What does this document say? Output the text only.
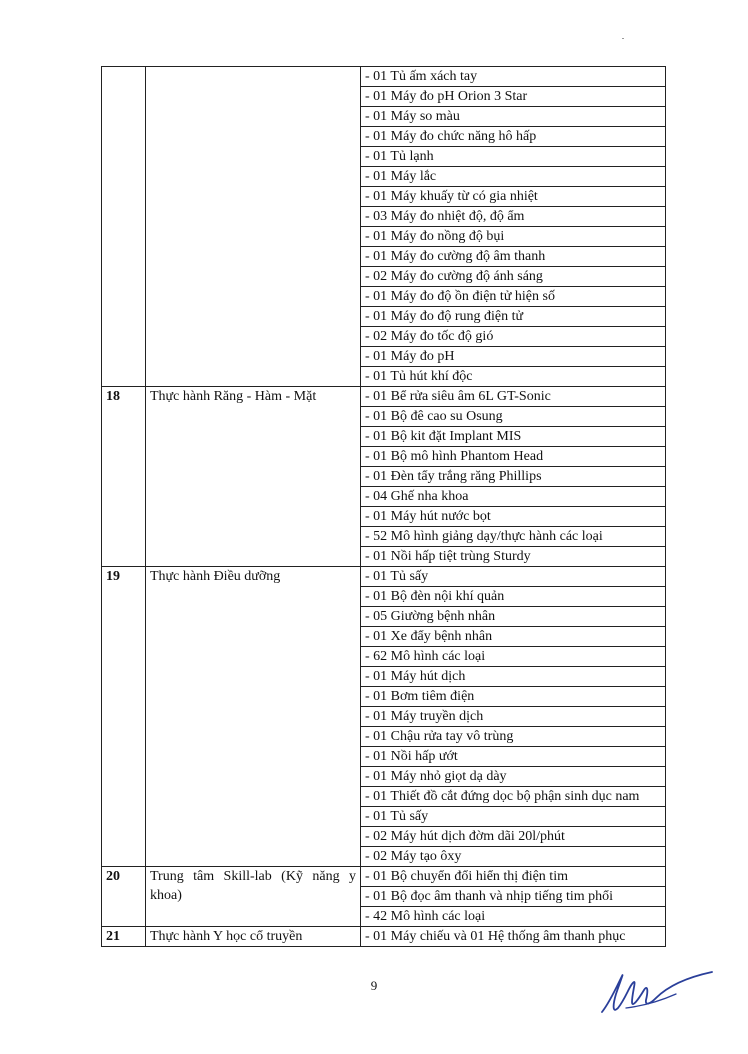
		- 01 Tủ ấm xách tay
		- 01 Máy đo pH Orion 3 Star
		- 01 Máy so màu
		- 01 Máy đo chức năng hô hấp
		- 01 Tủ lạnh
		- 01 Máy lắc
		- 01 Máy khuấy từ có gia nhiệt
		- 03 Máy đo nhiệt độ, độ ẩm
		- 01 Máy đo nồng độ bụi
		- 01 Máy đo cường độ âm thanh
		- 02 Máy đo cường độ ánh sáng
		- 01 Máy đo độ ồn điện tử hiện số
		- 01 Máy đo độ rung điện tử
		- 02 Máy đo tốc độ gió
		- 01 Máy đo pH
		- 01 Tủ hút khí độc
18	Thực hành Răng - Hàm - Mặt	- 01 Bể rửa siêu âm 6L GT-Sonic
		- 01 Bộ đê cao su Osung
		- 01 Bộ kit đặt Implant MIS
		- 01 Bộ mô hình Phantom Head
		- 01 Đèn tẩy trắng răng Phillips
		- 04 Ghế nha khoa
		- 01 Máy hút nước bọt
		- 52 Mô hình giảng dạy/thực hành các loại
		- 01 Nồi hấp tiệt trùng Sturdy
19	Thực hành Điều dưỡng	- 01 Tủ sấy
		- 01 Bộ đèn nội khí quản
		- 05 Giường bệnh nhân
		- 01 Xe đẩy bệnh nhân
		- 62 Mô hình các loại
		- 01 Máy hút dịch
		- 01 Bơm tiêm điện
		- 01 Máy truyền dịch
		- 01 Chậu rửa tay vô trùng
		- 01 Nồi hấp ướt
		- 01 Máy nhỏ giọt dạ dày
		- 01 Thiết đồ cắt đứng dọc bộ phận sinh dục nam
		- 01 Tủ sấy
		- 02 Máy hút dịch đờm dãi 20l/phút
		- 02 Máy tạo ôxy
20	Trung tâm Skill-lab (Kỹ năng y khoa)	- 01 Bộ chuyển đổi hiển thị điện tim
		- 01 Bộ đọc âm thanh và nhịp tiếng tim phổi
		- 42 Mô hình các loại
21	Thực hành Y học cổ truyền	- 01 Máy chiếu và 01 Hệ thống âm thanh phục
9
